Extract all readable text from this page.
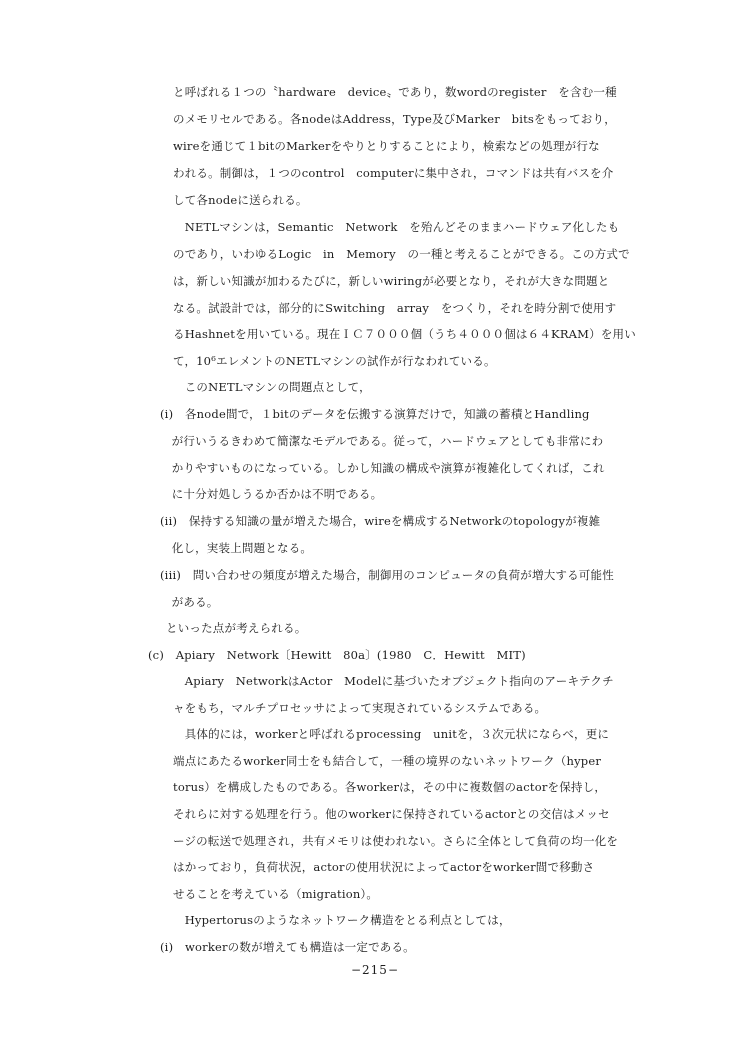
と呼ばれる１つの〝hardware　device〟であり，数wordのregister　を含む一種
のメモリセルである。各nodeはAddress，Type及びMarker　bitsをもっており，
wireを通じて１bitのMarkerをやりとりすることにより，検索などの処理が行な
われる。制御は，１つのcontrol　computerに集中され，コマンドは共有バスを介
して各nodeに送られる。
　NETLマシンは，Semantic　Network　を殆んどそのままハードウェア化したも
のであり，いわゆるLogic　in　Memory　の一種と考えることができる。この方式で
は，新しい知識が加わるたびに，新しいwiringが必要となり，それが大きな問題と
なる。試設計では，部分的にSwitching　array　をつくり，それを時分割で使用す
るHashnetを用いている。現在ＩＣ７０００個（うち４０００個は６４KRAM）を用い
て，10⁶エレメントのNETLマシンの試作が行なわれている。
　このNETLマシンの問題点として，
(i)　各node間で，１bitのデータを伝搬する演算だけで，知識の蓄積とHandling
　が行いうるきわめて簡潔なモデルである。従って，ハードウェアとしても非常にわ
　かりやすいものになっている。しかし知識の構成や演算が複雑化してくれば，これ
　に十分対処しうるか否かは不明である。
(ii)　保持する知識の量が増えた場合，wireを構成するNetworkのtopologyが複雑
　化し，実装上問題となる。
(iii)　問い合わせの頻度が増えた場合，制御用のコンピュータの負荷が増大する可能性
　がある。
といった点が考えられる。
(c)　Apiary　Network〔Hewitt　80a〕(1980　C．Hewitt　MIT)
　Apiary　NetworkはActor　Modelに基づいたオブジェクト指向のアーキテクチ
ャをもち，マルチプロセッサによって実現されているシステムである。
　具体的には，workerと呼ばれるprocessing　unitを，３次元状にならべ，更に
端点にあたるworker同士をも結合して，一種の境界のないネットワーク（hyper
torus）を構成したものである。各workerは，その中に複数個のactorを保持し，
それらに対する処理を行う。他のworkerに保持されているactorとの交信はメッセ
ージの転送で処理され，共有メモリは使われない。さらに全体として負荷の均一化を
はかっており，負荷状況，actorの使用状況によってactorをworker間で移動さ
せることを考えている（migration）。
　Hypertorusのようなネットワーク構造をとる利点としては，
(i)　workerの数が増えても構造は一定である。
−215−
